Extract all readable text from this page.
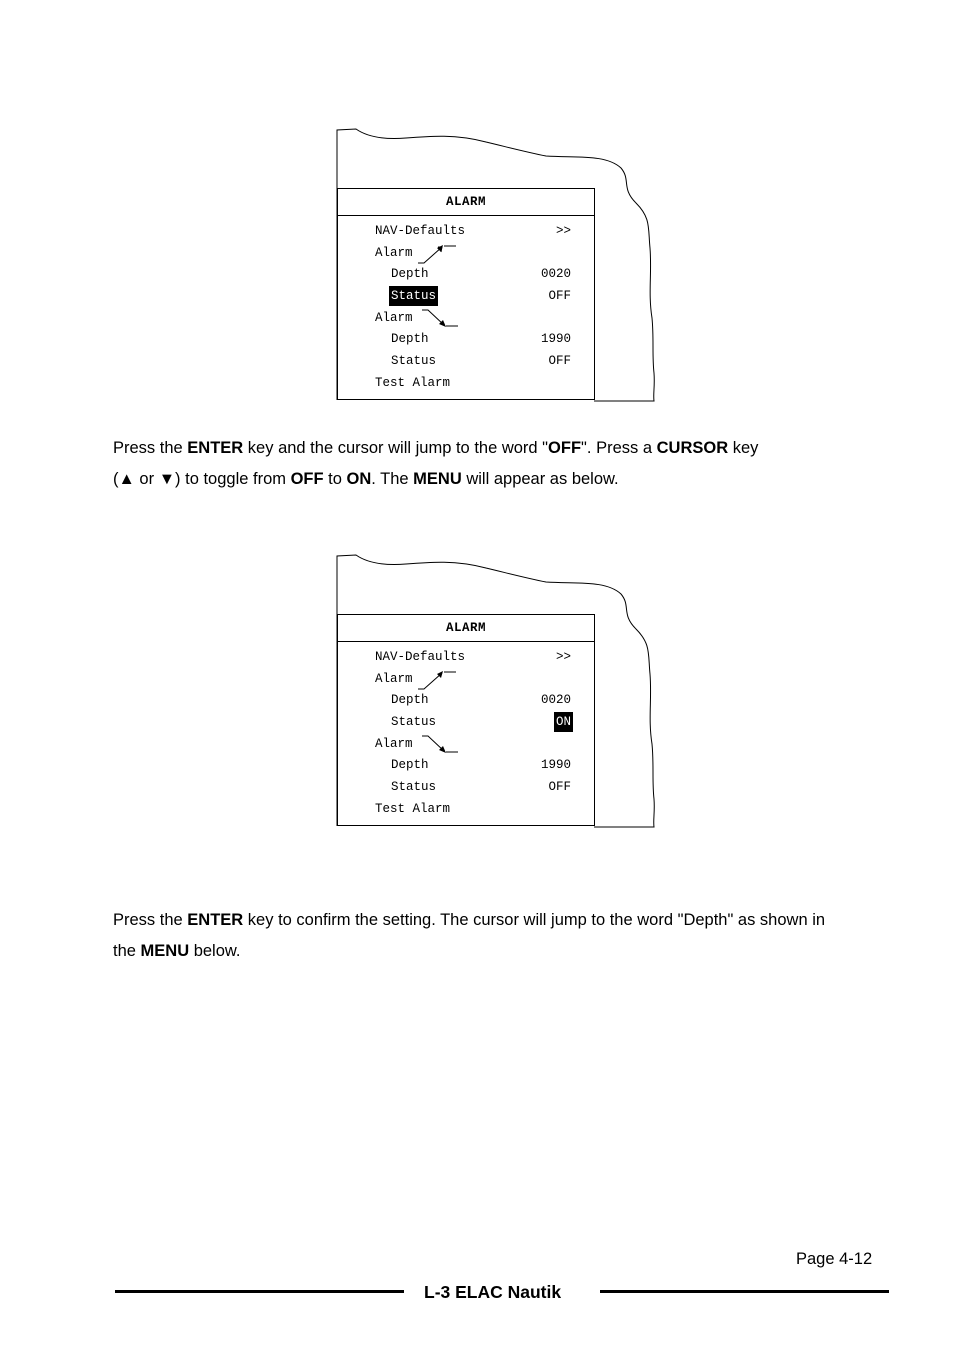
ALARM
NAV-Defaults	>>
Alarm
Depth	0020
Status	OFF
Alarm
Depth	1990
Status	OFF
Test Alarm

Press the ENTER key and the cursor will jump to the word "OFF". Press a CURSOR key

(▲ or ▼) to toggle from OFF to ON. The MENU will appear as below.

ALARM
NAV-Defaults	>>
Alarm
Depth	0020
Status	ON
Alarm
Depth	1990
Status	OFF
Test Alarm

Press the ENTER key to confirm the setting. The cursor will jump to the word "Depth" as shown in

the MENU below.

Page 4-12
L-3 ELAC Nautik
